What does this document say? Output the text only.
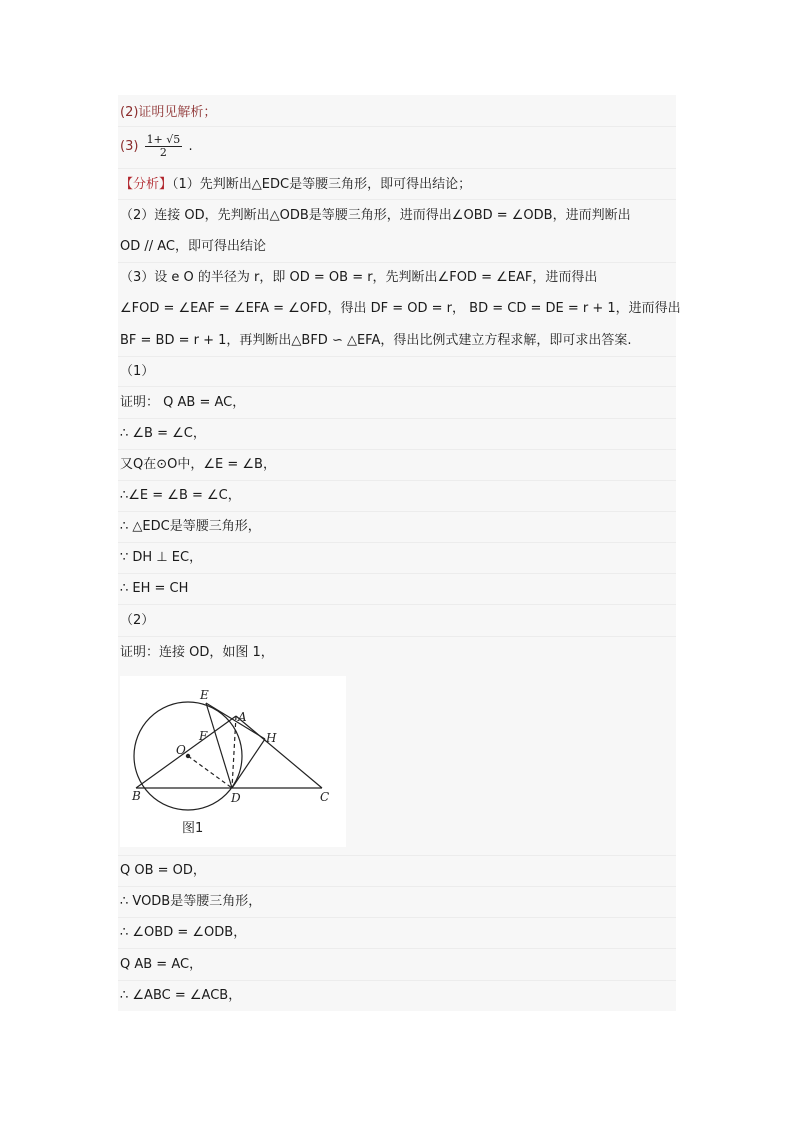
(2)证明见解析；
$(3) \frac{1+ √5}{2}$ .
【分析】（1）先判断出△EDC是等腰三角形，即可得出结论；
（2）连接 OD，先判断出△ODB是等腰三角形，进而得出∠OBD = ∠ODB，进而判断出
OD // AC，即可得出结论
（3）设 e O 的半径为 r，即 OD = OB = r，先判断出∠FOD = ∠EAF，进而得出
∠FOD = ∠EAF = ∠EFA = ∠OFD，得出 DF = OD = r， BD = CD = DE = r + 1，进而得出
BF = BD = r + 1，再判断出△BFD ∽ △EFA，得出比例式建立方程求解，即可求出答案.
（1）
证明： Q AB = AC，
∴ ∠B = ∠C，
又Q在⊙O中，∠E = ∠B，
∴∠E = ∠B = ∠C，
∴ △EDC是等腰三角形，
∵ DH ⊥ EC，
∴ EH = CH
（2）
证明：连接 OD，如图 1，
E
A
F	H
O
B	D	C
图1
Q OB = OD，
∴ VODB是等腰三角形，
∴ ∠OBD = ∠ODB，
Q AB = AC，
∴ ∠ABC = ∠ACB，
